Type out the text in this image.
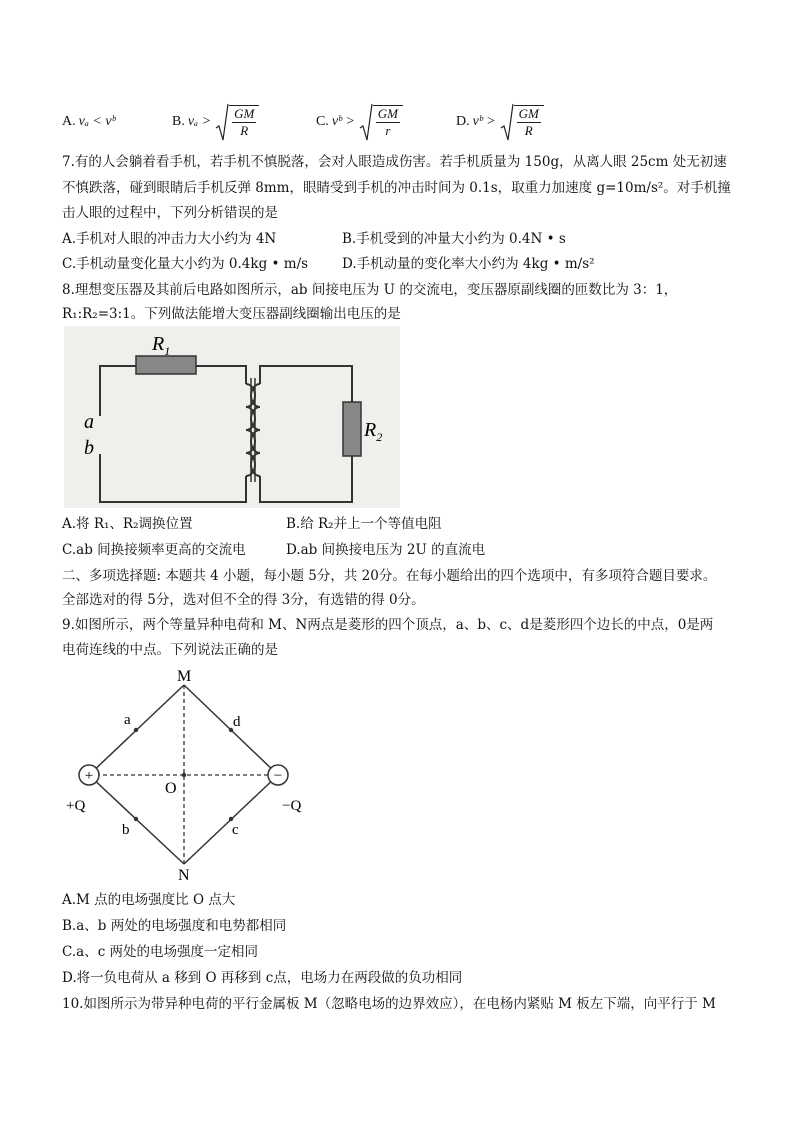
A. vₐ < vᵇ	B. $v_a > \frac{GM}{R}$	C. vᵇ > $\frac{GM}{r}$	D. vᵇ > $\frac{GM}{R}$
7.有的人会躺着看手机，若手机不慎脱落，会对人眼造成伤害。若手机质量为 150g，从离人眼 25cm 处无初速
不慎跌落，碰到眼睛后手机反弹 8mm，眼睛受到手机的冲击时间为 0.1s，取重力加速度 g=10m/s²。对手机撞
击人眼的过程中，下列分析错误的是
A.手机对人眼的冲击力大小约为 4N	B.手机受到的冲量大小约为 0.4N • s
C.手机动量变化量大小约为 0.4kg • m/s	D.手机动量的变化率大小约为 4kg • m/s²
8.理想变压器及其前后电路如图所示，ab 间接电压为 U 的交流电，变压器原副线圈的匝数比为 3：1，
R₁:R₂=3:1。下列做法能增大变压器副线圈输出电压的是
$R_1$
$R_2$
a
b
A.将 R₁、R₂调换位置	B.给 R₂并上一个等值电阻
C.ab 间换接频率更高的交流电	D.ab 间换接电压为 2U 的直流电
二、多项选择题: 本题共 4 小题，每小题 5分，共 20分。在每小题给出的四个选项中，有多项符合题目要求。
全部选对的得 5分，选对但不全的得 3分，有选错的得 0分。
9.如图所示，两个等量异种电荷和 M、N两点是菱形的四个顶点，a、b、c、d是菱形四个边长的中点，0是两
电荷连线的中点。下列说法正确的是
+	−
M
N
O
a	d
b	c
+Q	−Q
A.M 点的电场强度比 O 点大
B.a、b 两处的电场强度和电势都相同
C.a、c 两处的电场强度一定相同
D.将一负电荷从 a 移到 O 再移到 c点，电场力在两段做的负功相同
10.如图所示为带异种电荷的平行金属板 M（忽略电场的边界效应），在电杨内紧贴 M 板左下端，向平行于 M
